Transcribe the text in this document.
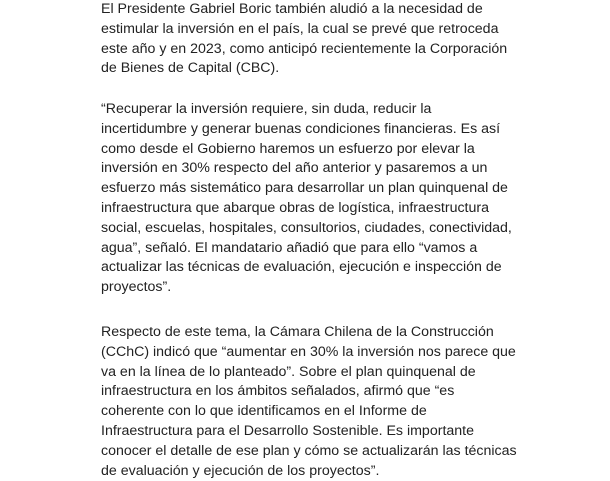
El Presidente Gabriel Boric también aludió a la necesidad de
estimular la inversión en el país, la cual se prevé que retroceda
este año y en 2023, como anticipó recientemente la Corporación
de Bienes de Capital (CBC).

“Recuperar la inversión requiere, sin duda, reducir la
incertidumbre y generar buenas condiciones financieras. Es así
como desde el Gobierno haremos un esfuerzo por elevar la
inversión en 30% respecto del año anterior y pasaremos a un
esfuerzo más sistemático para desarrollar un plan quinquenal de
infraestructura que abarque obras de logística, infraestructura
social, escuelas, hospitales, consultorios, ciudades, conectividad,
agua”, señaló. El mandatario añadió que para ello “vamos a
actualizar las técnicas de evaluación, ejecución e inspección de
proyectos”.

Respecto de este tema, la Cámara Chilena de la Construcción
(CChC) indicó que “aumentar en 30% la inversión nos parece que
va en la línea de lo planteado”. Sobre el plan quinquenal de
infraestructura en los ámbitos señalados, afirmó que “es
coherente con lo que identificamos en el Informe de
Infraestructura para el Desarrollo Sostenible. Es importante
conocer el detalle de ese plan y cómo se actualizarán las técnicas
de evaluación y ejecución de los proyectos”.
